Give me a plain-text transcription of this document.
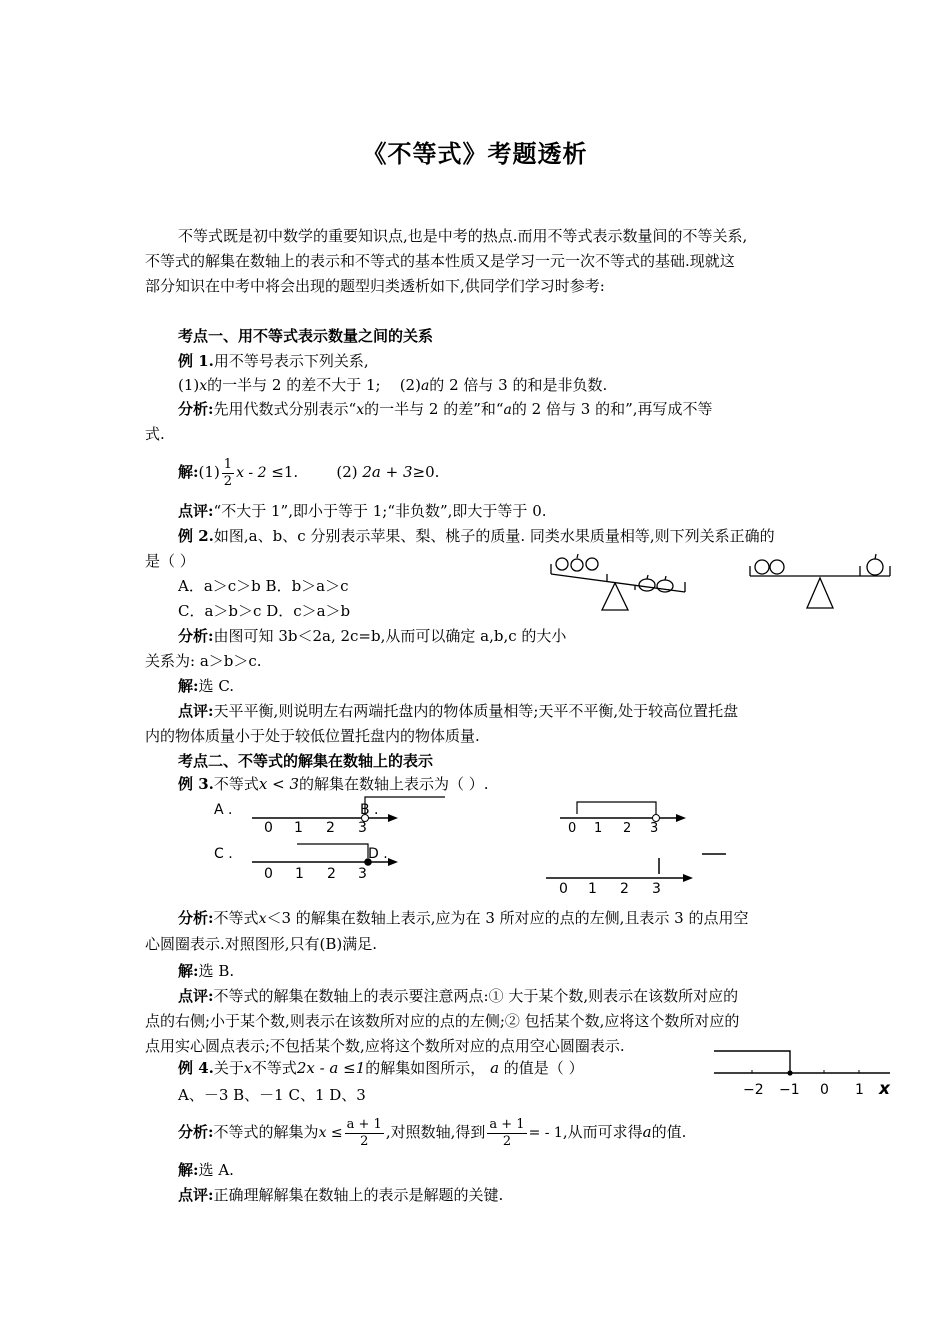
《不等式》考题透析
不等式既是初中数学的重要知识点,也是中考的热点.而用不等式表示数量间的不等关系,
不等式的解集在数轴上的表示和不等式的基本性质又是学习一元一次不等式的基础.现就这
部分知识在中考中将会出现的题型归类透析如下,供同学们学习时参考:
考点一、用不等式表示数量之间的关系
例 1.用不等号表示下列关系,
(1)x的一半与 2 的差不大于 1; (2)a的 2 倍与 3 的和是非负数.
分析:先用代数式分别表示“x的一半与 2 的差”和“a的 2 倍与 3 的和”,再写成不等
式.
解:(1) $\frac{1}{2}$ x - 2 ≤1.	(2) 2a + 3≥0.
点评:“不大于 1”,即小于等于 1;“非负数”,即大于等于 0.
例 2.如图,a、b、c 分别表示苹果、梨、桃子的质量. 同类水果质量相等,则下列关系正确的
是（ ）
A．a＞c＞b B．b＞a＞c
C．a＞b＞c D．c＞a＞b
分析:由图可知 3b＜2a, 2c=b,从而可以确定 a,b,c 的大小
关系为: a＞b＞c.
解:选 C.
点评:天平平衡,则说明左右两端托盘内的物体质量相等;天平不平衡,处于较高位置托盘
内的物体质量小于处于较低位置托盘内的物体质量.
考点二、不等式的解集在数轴上的表示
例 3.不等式x < 3的解集在数轴上表示为（ ）.
A .
0 1 2 3
B .
0 1 2 3
C .
0 1 2 3
D .
0 1 2 3
分析:不等式x＜3 的解集在数轴上表示,应为在 3 所对应的点的左侧,且表示 3 的点用空
心圆圈表示.对照图形,只有(B)满足.
解:选 B.
点评:不等式的解集在数轴上的表示要注意两点:① 大于某个数,则表示在该数所对应的
点的右侧;小于某个数,则表示在该数所对应的点的左侧;② 包括某个数,应将这个数所对应的
点用实心圆点表示;不包括某个数,应将这个数所对应的点用空心圆圈表示.
例 4.关于x不等式2x - a ≤1的解集如图所示， a 的值是（ ）
A、－3 B、－1 C、1 D、3	−2 −1 0 1 x
分析:不等式的解集为$x \le \frac{a + 1}{2}$ ,对照数轴,得到 $\frac{a + 1}{2}$ = - 1,从而可求得a的值.
解:选 A.
点评:正确理解解集在数轴上的表示是解题的关键.
